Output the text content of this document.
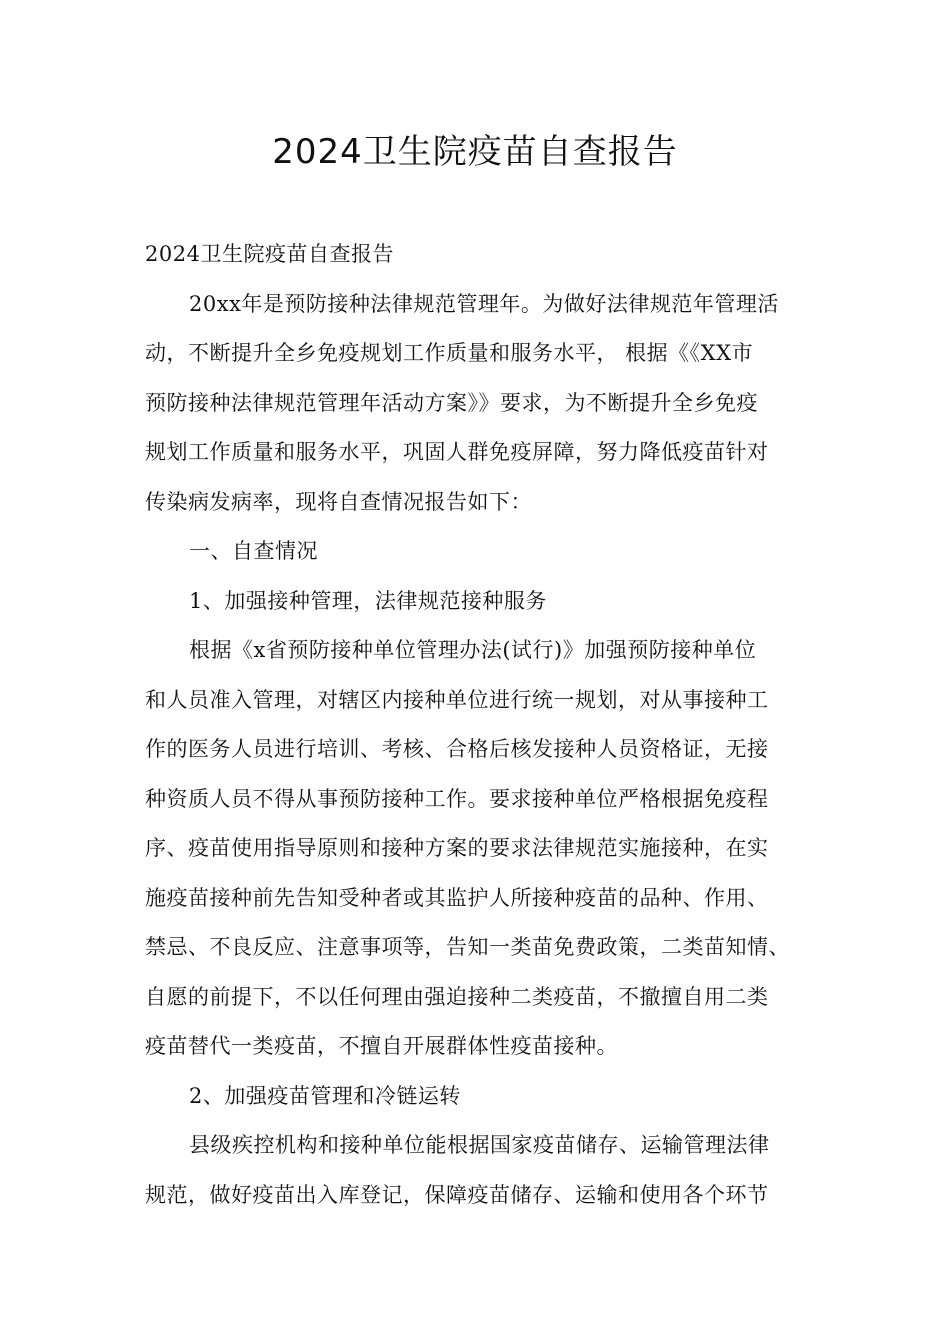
2024卫生院疫苗自查报告
2024卫生院疫苗自查报告
20xx年是预防接种法律规范管理年。为做好法律规范年管理活
动，不断提升全乡免疫规划工作质量和服务水平， 根据《《XX市
预防接种法律规范管理年活动方案》》要求，为不断提升全乡免疫
规划工作质量和服务水平，巩固人群免疫屏障，努力降低疫苗针对
传染病发病率，现将自查情况报告如下：
一、自查情况
1、加强接种管理，法律规范接种服务
根据《x省预防接种单位管理办法(试行)》加强预防接种单位
和人员准入管理，对辖区内接种单位进行统一规划，对从事接种工
作的医务人员进行培训、考核、合格后核发接种人员资格证，无接
种资质人员不得从事预防接种工作。要求接种单位严格根据免疫程
序、疫苗使用指导原则和接种方案的要求法律规范实施接种，在实
施疫苗接种前先告知受种者或其监护人所接种疫苗的品种、作用、
禁忌、不良反应、注意事项等，告知一类苗免费政策，二类苗知情、
自愿的前提下，不以任何理由强迫接种二类疫苗，不撤擅自用二类
疫苗替代一类疫苗，不擅自开展群体性疫苗接种。
2、加强疫苗管理和冷链运转
县级疾控机构和接种单位能根据国家疫苗储存、运输管理法律
规范，做好疫苗出入库登记，保障疫苗储存、运输和使用各个环节
